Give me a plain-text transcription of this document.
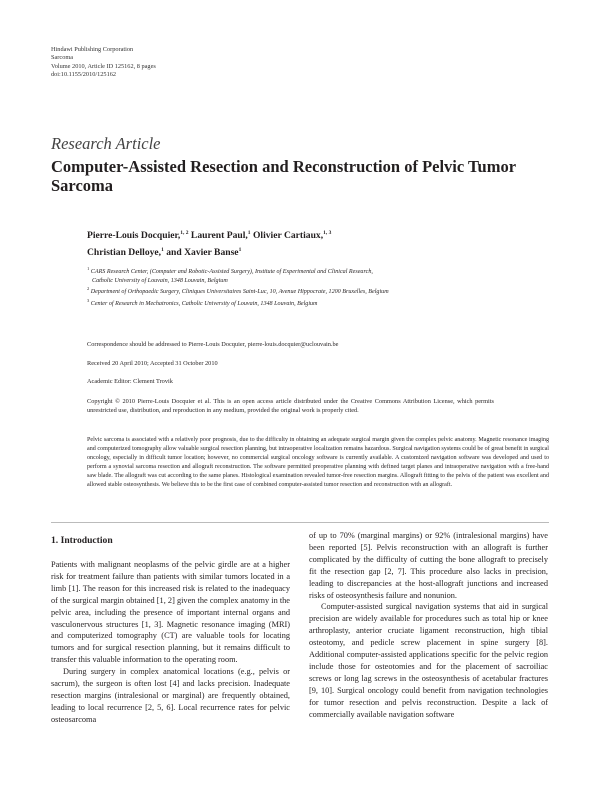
Hindawi Publishing Corporation
Sarcoma
Volume 2010, Article ID 125162, 8 pages
doi:10.1155/2010/125162
Research Article
Computer-Assisted Resection and Reconstruction of Pelvic Tumor Sarcoma
Pierre-Louis Docquier,$^{1, 2}$ Laurent Paul,$^1$ Olivier Cartiaux,$^{1, 3}$
Christian Delloye,$^1$ and Xavier Banse$^1$
$^1$ CARS Research Center, (Computer and Robotic-Assisted Surgery), Institute of Experimental and Clinical Research,
Catholic University of Louvain, 1348 Louvain, Belgium
$^2$ Department of Orthopaedic Surgery, Cliniques Universitaires Saint-Luc, 10, Avenue Hippocrate, 1200 Bruxelles, Belgium
$^3$ Center of Research in Mechatronics, Catholic University of Louvain, 1348 Louvain, Belgium
Correspondence should be addressed to Pierre-Louis Docquier, pierre-louis.docquier@uclouvain.be
Received 20 April 2010; Accepted 31 October 2010
Academic Editor: Clement Trovik
Copyright © 2010 Pierre-Louis Docquier et al. This is an open access article distributed under the Creative Commons Attribution License, which permits unrestricted use, distribution, and reproduction in any medium, provided the original work is properly cited.
Pelvic sarcoma is associated with a relatively poor prognosis, due to the difficulty in obtaining an adequate surgical margin given the complex pelvic anatomy. Magnetic resonance imaging and computerized tomography allow valuable surgical resection planning, but intraoperative localization remains hazardous. Surgical navigation systems could be of great benefit in surgical oncology, especially in difficult tumor location; however, no commercial surgical oncology software is currently available. A customized navigation software was developed and used to perform a synovial sarcoma resection and allograft reconstruction. The software permitted preoperative planning with defined target planes and intraoperative navigation with a free-hand saw blade. The allograft was cut according to the same planes. Histological examination revealed tumor-free resection margins. Allograft fitting to the pelvis of the patient was excellent and allowed stable osteosynthesis. We believe this to be the first case of combined computer-assisted tumor resection and reconstruction with an allograft.
1. Introduction

Patients with malignant neoplasms of the pelvic girdle are at a higher risk for treatment failure than patients with similar tumors located in a limb [1]. The reason for this increased risk is related to the inadequacy of the surgical margin obtained [1, 2] given the complex anatomy in the pelvic area, including the presence of important internal organs and vasculonervous structures [1, 3]. Magnetic resonance imaging (MRI) and computerized tomography (CT) are valuable tools for locating tumors and for surgical resection planning, but it remains difficult to transfer this valuable information to the operating room.

During surgery in complex anatomical locations (e.g., pelvis or sacrum), the surgeon is often lost [4] and lacks precision. Inadequate resection margins (intralesional or marginal) are frequently obtained, leading to local recurrence [2, 5, 6]. Local recurrence rates for pelvic osteosarcoma

of up to 70% (marginal margins) or 92% (intralesional margins) have been reported [5]. Pelvis reconstruction with an allograft is further complicated by the difficulty of cutting the bone allograft to precisely fit the resection gap [2, 7]. This procedure also lacks in precision, leading to discrepancies at the host-allograft junctions and increased risks of osteosynthesis failure and nonunion.

Computer-assisted surgical navigation systems that aid in surgical precision are widely available for procedures such as total hip or knee arthroplasty, anterior cruciate ligament reconstruction, high tibial osteotomy, and pedicle screw placement in spine surgery [8]. Additional computer-assisted applications specific for the pelvic region include those for osteotomies and for the placement of sacroiliac screws or long lag screws in the osteosynthesis of acetabular fractures [9, 10]. Surgical oncology could benefit from navigation technologies for tumor resection and pelvis reconstruction. Despite a lack of commercially available navigation software
